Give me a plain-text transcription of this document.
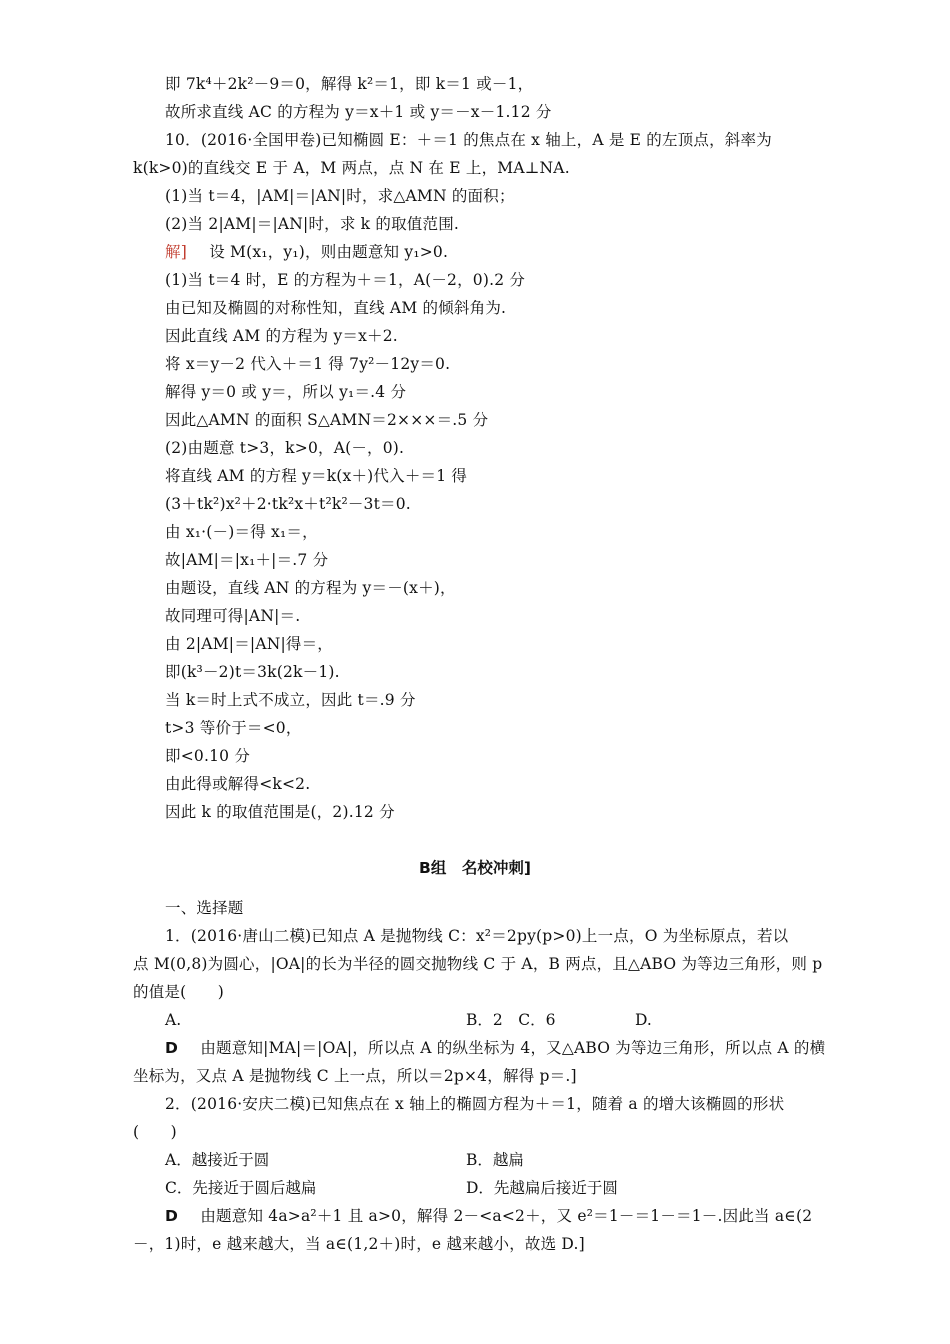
即 7k⁴＋2k²－9＝0，解得 k²＝1，即 k＝1 或－1，
故所求直线 AC 的方程为 y＝x＋1 或 y＝－x－1.12 分
10．(2016·全国甲卷)已知椭圆 E：＋＝1 的焦点在 x 轴上，A 是 E 的左顶点，斜率为
k(k>0)的直线交 E 于 A，M 两点，点 N 在 E 上，MA⊥NA.
(1)当 t＝4，|AM|＝|AN|时，求△AMN 的面积；
(2)当 2|AM|＝|AN|时，求 k 的取值范围.
解] 设 M(x₁，y₁)，则由题意知 y₁>0.
(1)当 t＝4 时，E 的方程为＋＝1，A(－2，0).2 分
由已知及椭圆的对称性知，直线 AM 的倾斜角为.
因此直线 AM 的方程为 y＝x＋2.
将 x＝y－2 代入＋＝1 得 7y²－12y＝0.
解得 y＝0 或 y＝，所以 y₁＝.4 分
因此△AMN 的面积 S△AMN＝2×××＝.5 分
(2)由题意 t>3，k>0，A(－，0).
将直线 AM 的方程 y＝k(x＋)代入＋＝1 得
(3＋tk²)x²＋2·tk²x＋t²k²－3t＝0.
由 x₁·(－)＝得 x₁＝，
故|AM|＝|x₁＋|＝.7 分
由题设，直线 AN 的方程为 y＝－(x＋)，
故同理可得|AN|＝.
由 2|AM|＝|AN|得＝，
即(k³－2)t＝3k(2k－1).
当 k＝时上式不成立，因此 t＝.9 分
t>3 等价于＝<0，
即<0.10 分
由此得或解得<k<2.
因此 k 的取值范围是(，2).12 分
B组　名校冲刺]
一、选择题
1．(2016·唐山二模)已知点 A 是抛物线 C：x²＝2py(p>0)上一点，O 为坐标原点，若以
点 M(0,8)为圆心，|OA|的长为半径的圆交抛物线 C 于 A，B 两点，且△ABO 为等边三角形，则 p
的值是(　　)
A.	B．2　C．6	D.
D 由题意知|MA|＝|OA|，所以点 A 的纵坐标为 4，又△ABO 为等边三角形，所以点 A 的横
坐标为，又点 A 是抛物线 C 上一点，所以＝2p×4，解得 p＝.]
2．(2016·安庆二模)已知焦点在 x 轴上的椭圆方程为＋＝1，随着 a 的增大该椭圆的形状
(　　)
A．越接近于圆	B．越扁
C．先接近于圆后越扁	D．先越扁后接近于圆
D 由题意知 4a>a²＋1 且 a>0，解得 2－<a<2＋，又 e²＝1－＝1－＝1－.因此当 a∈(2
－，1)时，e 越来越大，当 a∈(1,2＋)时，e 越来越小，故选 D.]
